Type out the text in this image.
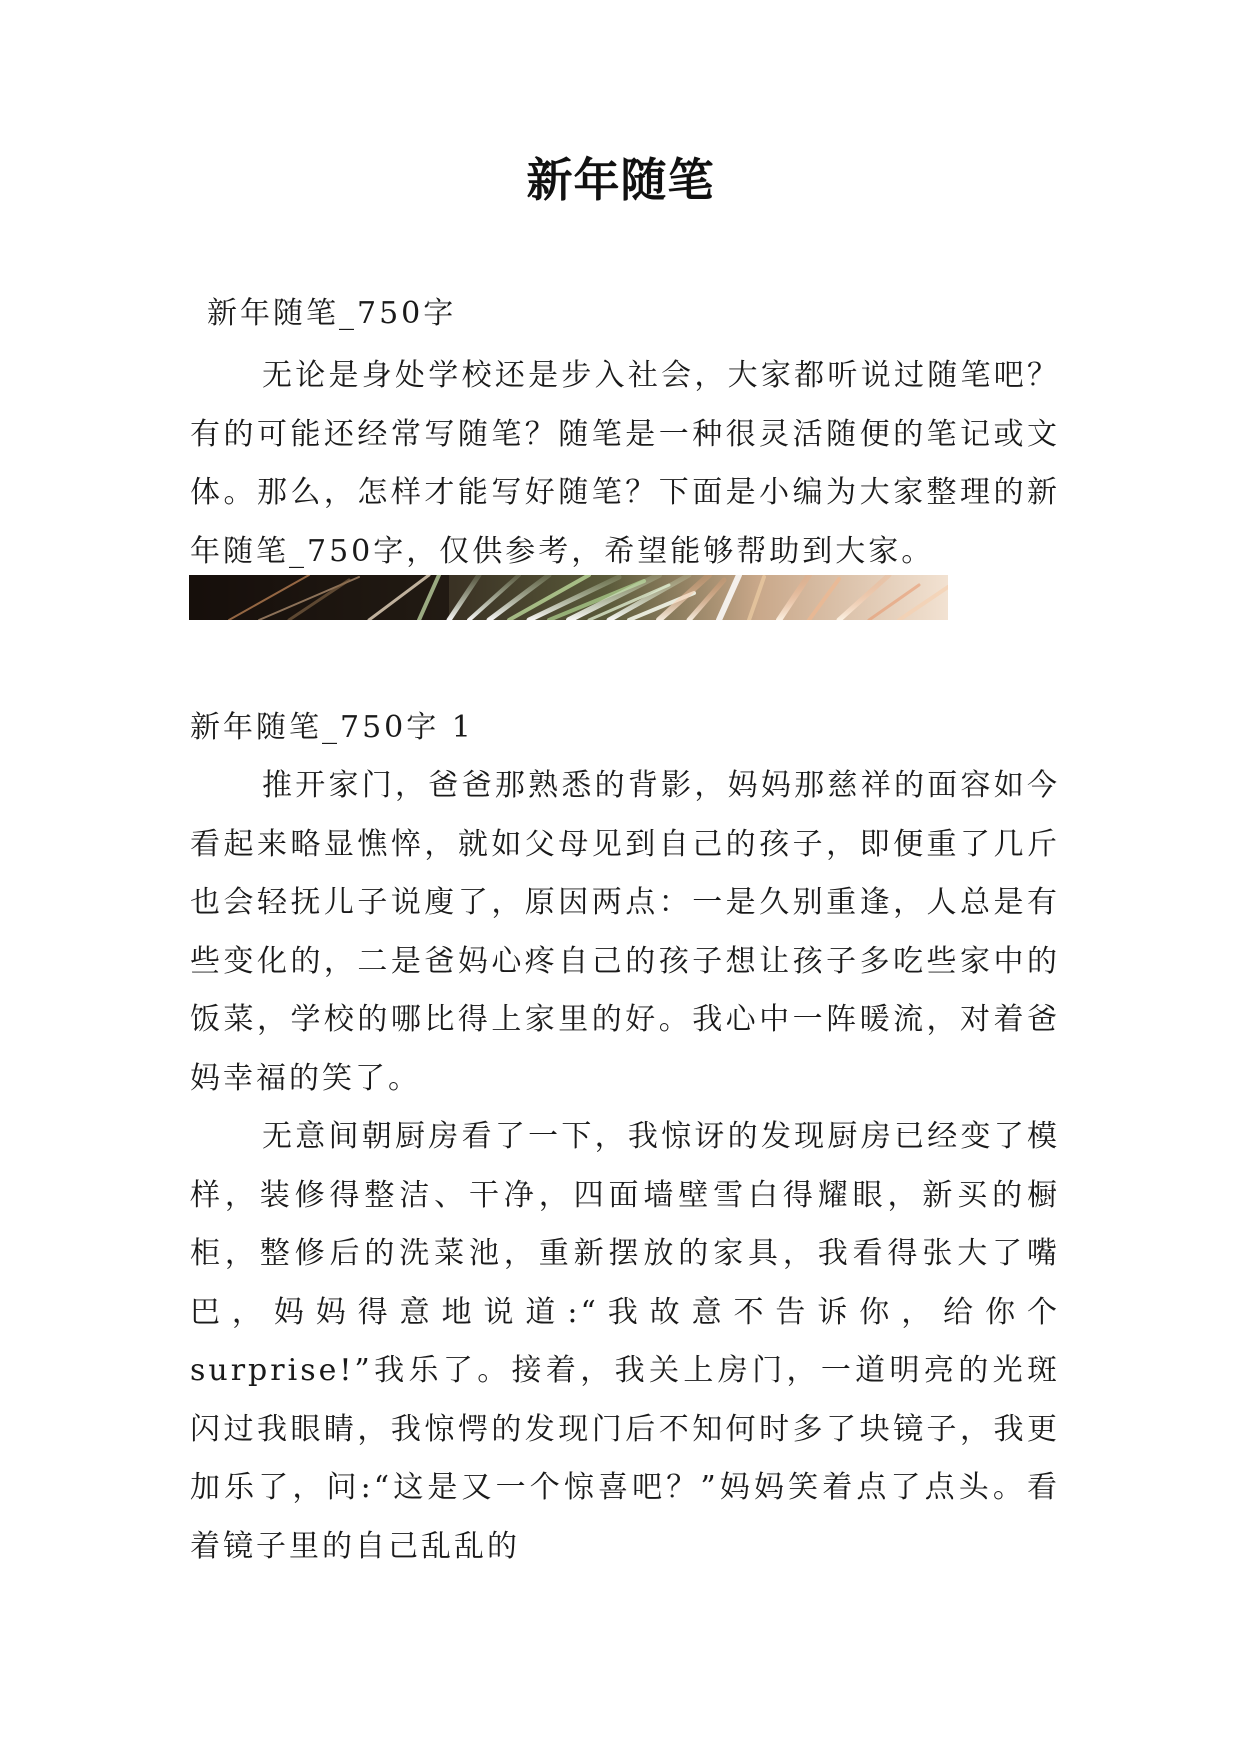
新年随笔
新年随笔_750字

无论是身处学校还是步入社会，大家都听说过随笔吧？有的可能还经常写随笔？随笔是一种很灵活随便的笔记或文体。那么，怎样才能写好随笔？下面是小编为大家整理的新年随笔_750字，仅供参考，希望能够帮助到大家。

新年随笔_750字 1

推开家门，爸爸那熟悉的背影，妈妈那慈祥的面容如今看起来略显憔悴，就如父母见到自己的孩子，即便重了几斤也会轻抚儿子说廋了，原因两点：一是久别重逢，人总是有些变化的，二是爸妈心疼自己的孩子想让孩子多吃些家中的饭菜，学校的哪比得上家里的好。我心中一阵暖流，对着爸妈幸福的笑了。

无意间朝厨房看了一下，我惊讶的发现厨房已经变了模样，装修得整洁、干净，四面墙壁雪白得耀眼，新买的橱柜，整修后的洗菜池，重新摆放的家具，我看得张大了嘴巴，妈妈得意地说道:“我故意不告诉你，给你个surprise!”我乐了。接着，我关上房门，一道明亮的光斑闪过我眼睛，我惊愕的发现门后不知何时多了块镜子，我更加乐了，问:“这是又一个惊喜吧？”妈妈笑着点了点头。看着镜子里的自己乱乱的
